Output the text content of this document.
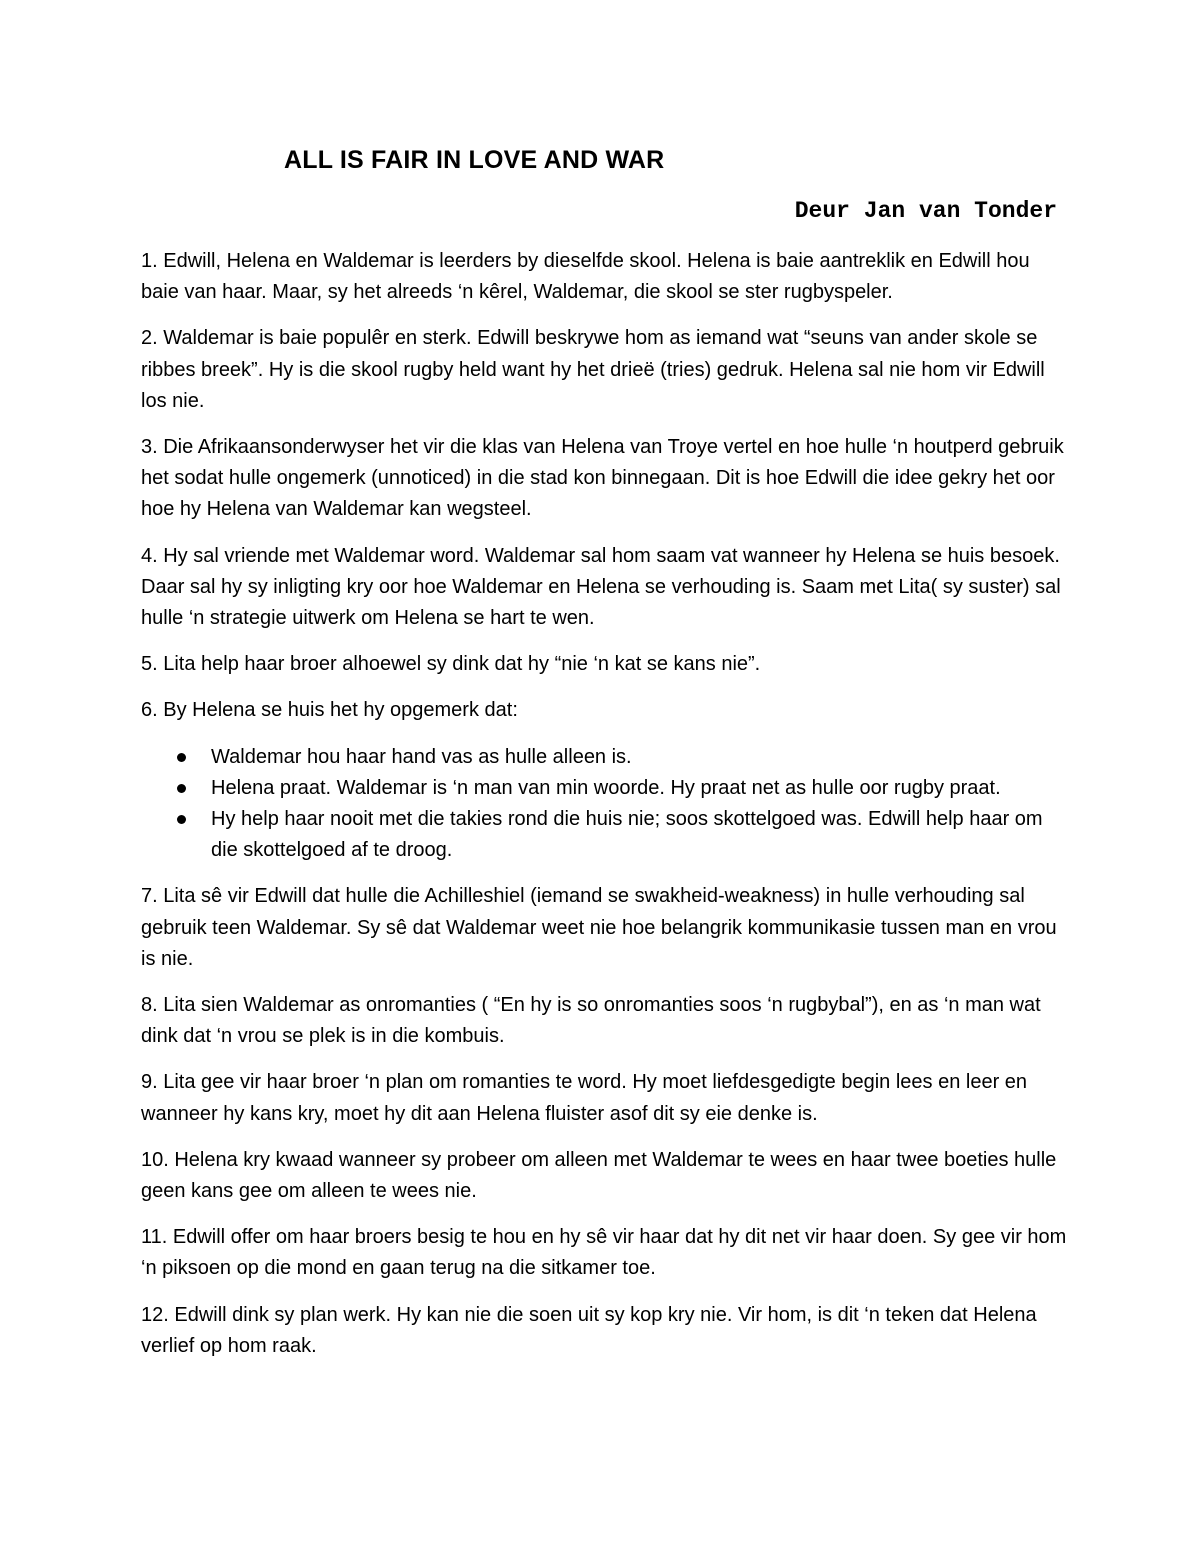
ALL IS FAIR IN LOVE AND WAR
Deur Jan van Tonder

1. Edwill, Helena en Waldemar is leerders by dieselfde skool. Helena is baie aantreklik en Edwill hou baie van haar. Maar, sy het alreeds ‘n kêrel, Waldemar, die skool se ster rugbyspeler.

2. Waldemar is baie populêr en sterk. Edwill beskrywe hom as iemand wat “seuns van ander skole se ribbes breek”. Hy is die skool rugby held want hy het drieë (tries) gedruk. Helena sal nie hom vir Edwill los nie.

3. Die Afrikaansonderwyser het vir die klas van Helena van Troye vertel en hoe hulle ‘n houtperd gebruik het sodat hulle ongemerk (unnoticed) in die stad kon binnegaan. Dit is hoe Edwill die idee gekry het oor hoe hy Helena van Waldemar kan wegsteel.

4. Hy sal vriende met Waldemar word. Waldemar sal hom saam vat wanneer hy Helena se huis besoek. Daar sal hy sy inligting kry oor hoe Waldemar en Helena se verhouding is. Saam met Lita( sy suster) sal hulle ‘n strategie uitwerk om Helena se hart te wen.

5. Lita help haar broer alhoewel sy dink dat hy “nie ‘n kat se kans nie”.

6. By Helena se huis het hy opgemerk dat:

Waldemar hou haar hand vas as hulle alleen is.
Helena praat. Waldemar is ‘n man van min woorde. Hy praat net as hulle oor rugby praat.
Hy help haar nooit met die takies rond die huis nie; soos skottelgoed was. Edwill help haar om die skottelgoed af te droog.

7. Lita sê vir Edwill dat hulle die Achilleshiel (iemand se swakheid-weakness) in hulle verhouding sal gebruik teen Waldemar. Sy sê dat Waldemar weet nie hoe belangrik kommunikasie tussen man en vrou is nie.

8. Lita sien Waldemar as onromanties ( “En hy is so onromanties soos ‘n rugbybal”), en as ‘n man wat dink dat ‘n vrou se plek is in die kombuis.

9. Lita gee vir haar broer ‘n plan om romanties te word. Hy moet liefdesgedigte begin lees en leer en wanneer hy kans kry, moet hy dit aan Helena fluister asof dit sy eie denke is.

10. Helena kry kwaad wanneer sy probeer om alleen met Waldemar te wees en haar twee boeties hulle geen kans gee om alleen te wees nie.

11. Edwill offer om haar broers besig te hou en hy sê vir haar dat hy dit net vir haar doen. Sy gee vir hom ‘n piksoen op die mond en gaan terug na die sitkamer toe.

12. Edwill dink sy plan werk. Hy kan nie die soen uit sy kop kry nie. Vir hom, is dit ‘n teken dat Helena verlief op hom raak.
